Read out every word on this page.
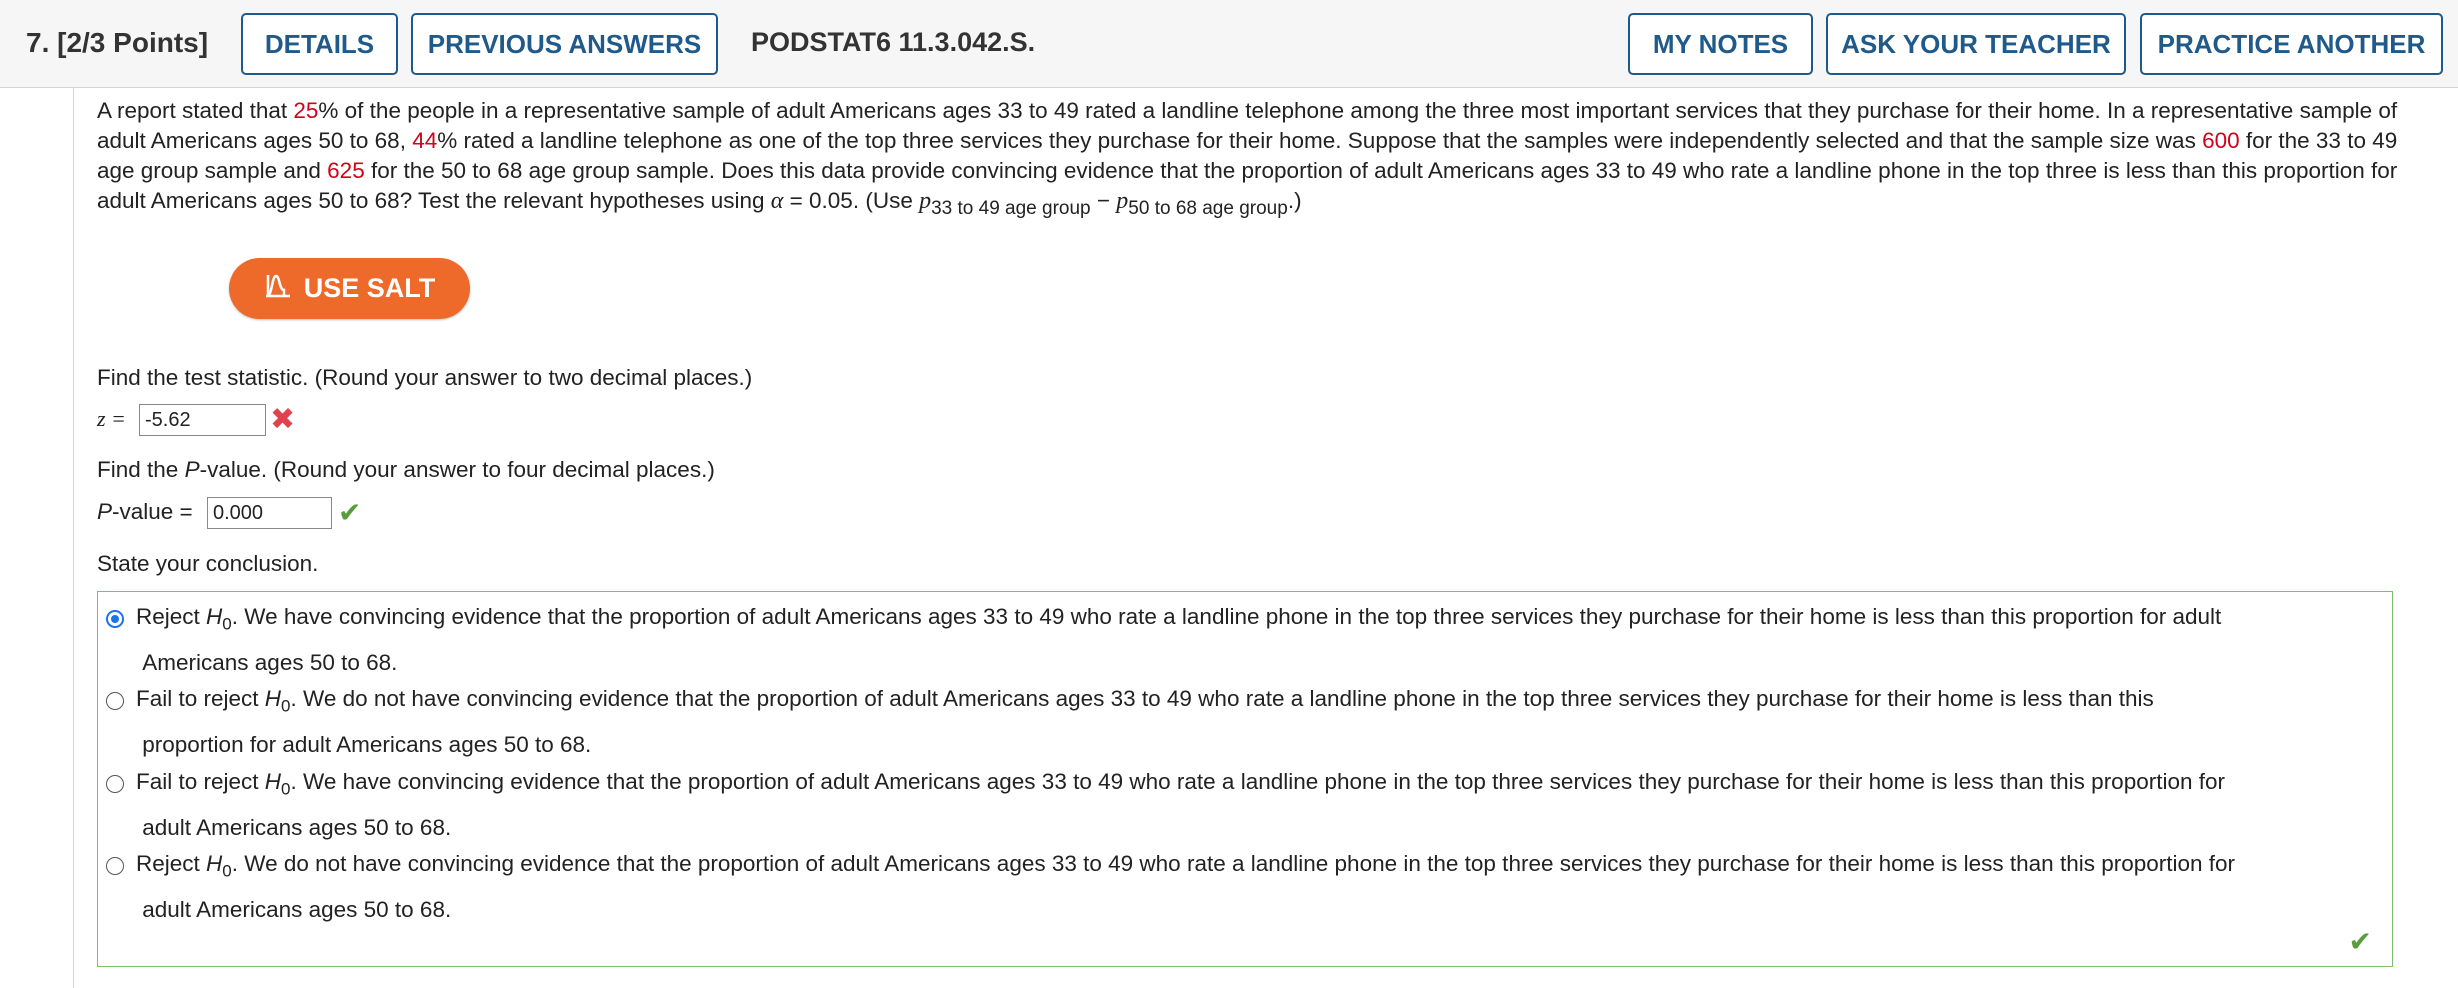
7. [2/3 Points]	DETAILS	PREVIOUS ANSWERS	PODSTAT6 11.3.042.S.	MY NOTES	ASK YOUR TEACHER	PRACTICE ANOTHER

A report stated that 25% of the people in a representative sample of adult Americans ages 33 to 49 rated a landline telephone among the three most important services that they purchase for their home. In a representative sample of adult Americans ages 50 to 68, 44% rated a landline telephone as one of the top three services they purchase for their home. Suppose that the samples were independently selected and that the sample size was 600 for the 33 to 49 age group sample and 625 for the 50 to 68 age group sample. Does this data provide convincing evidence that the proportion of adult Americans ages 33 to 49 who rate a landline phone in the top three is less than this proportion for adult Americans ages 50 to 68? Test the relevant hypotheses using α = 0.05. (Use $p_{33 to 49 age group} - p_{50 to 68 age group}$.)

USE SALT
Find the test statistic. (Round your answer to two decimal places.)
z =
-5.62	✖
Find the P-value. (Round your answer to four decimal places.)
P-value =
0.000	✔
State your conclusion.
Reject $H_0$. We have convincing evidence that the proportion of adult Americans ages 33 to 49 who rate a landline phone in the top three services they purchase for their home is less than this proportion for adult
Americans ages 50 to 68.
Fail to reject $H_0$. We do not have convincing evidence that the proportion of adult Americans ages 33 to 49 who rate a landline phone in the top three services they purchase for their home is less than this
proportion for adult Americans ages 50 to 68.
Fail to reject $H_0$. We have convincing evidence that the proportion of adult Americans ages 33 to 49 who rate a landline phone in the top three services they purchase for their home is less than this proportion for
adult Americans ages 50 to 68.
Reject $H_0$. We do not have convincing evidence that the proportion of adult Americans ages 33 to 49 who rate a landline phone in the top three services they purchase for their home is less than this proportion for
adult Americans ages 50 to 68.
✔
